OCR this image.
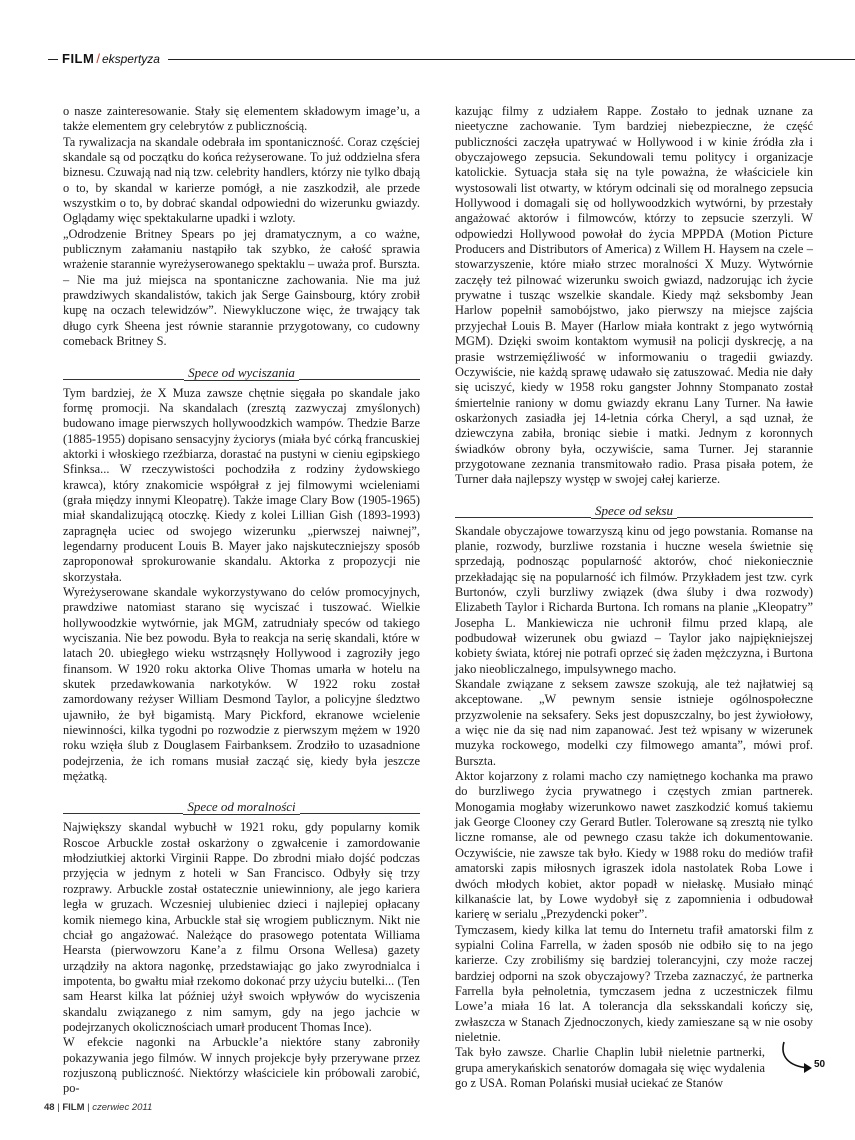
FILM / ekspertyza

o nasze zainteresowanie. Stały się elementem składowym image’u, a także elementem gry celebrytów z publicznością.

Ta rywalizacja na skandale odebrała im spontaniczność. Coraz częściej skandale są od początku do końca reżyserowane. To już oddzielna sfera biznesu. Czuwają nad nią tzw. celebrity handlers, którzy nie tylko dbają o to, by skandal w karierze pomógł, a nie zaszkodził, ale przede wszystkim o to, by dobrać skandal odpowiedni do wizerunku gwiazdy. Oglądamy więc spektakularne upadki i wzloty.

„Odrodzenie Britney Spears po jej dramatycznym, a co ważne, publicznym załamaniu nastąpiło tak szybko, że całość sprawia wrażenie starannie wyreżyserowanego spektaklu – uważa prof. Bursztа. – Nie ma już miejsca na spontaniczne zachowania. Nie ma już prawdziwych skandalistów, takich jak Serge Gainsbourg, który zrobił kupę na oczach telewidzów”. Niewykluczone więc, że trwający tak długo cyrk Sheena jest równie starannie przygotowany, co cudowny comeback Britney S.

Spece od wyciszania

Tym bardziej, że X Muza zawsze chętnie sięgała po skandale jako formę promocji. Na skandalach (zresztą zazwyczaj zmyślonych) budowano image pierwszych hollywoodzkich wampów. Thedzie Barze (1885-1955) dopisano sensacyjny życiorys (miała być córką francuskiej aktorki i włoskiego rzeźbiarza, dorastać na pustyni w cieniu egipskiego Sfinksa... W rzeczywistości pochodziła z rodziny żydowskiego krawca), który znakomicie współgrał z jej filmowymi wcieleniami (grała między innymi Kleopatrę). Także image Clary Bow (1905-1965) miał skandalizującą otoczkę. Kiedy z kolei Lillian Gish (1893-1993) zapragnęła uciec od swojego wizerunku „pierwszej naiwnej”, legendarny producent Louis B. Mayer jako najskuteczniejszy sposób zaproponował sprokurowanie skandalu. Aktorka z propozycji nie skorzystała.

Wyreżyserowane skandale wykorzystywano do celów promocyjnych, prawdziwe natomiast starano się wyciszać i tuszować. Wielkie hollywoodzkie wytwórnie, jak MGM, zatrudniały speców od takiego wyciszania. Nie bez powodu. Była to reakcja na serię skandali, które w latach 20. ubiegłego wieku wstrząsnęły Hollywood i zagroziły jego finansom. W 1920 roku aktorka Olive Thomas umarła w hotelu na skutek przedawkowania narkotyków. W 1922 roku został zamordowany reżyser William Desmond Taylor, a policyjne śledztwo ujawniło, że był bigamistą. Mary Pickford, ekranowe wcielenie niewinności, kilka tygodni po rozwodzie z pierwszym mężem w 1920 roku wzięła ślub z Douglasem Fairbanksem. Zrodziło to uzasadnione podejrzenia, że ich romans musiał zacząć się, kiedy była jeszcze mężatką.

Spece od moralności

Największy skandal wybuchł w 1921 roku, gdy popularny komik Roscoe Arbuckle został oskarżony o zgwałcenie i zamordowanie młodziutkiej aktorki Virginii Rappe. Do zbrodni miało dojść podczas przyjęcia w jednym z hoteli w San Francisco. Odbyły się trzy rozprawy. Arbuckle został ostatecznie uniewinniony, ale jego kariera legła w gruzach. Wczesniej ulubieniec dzieci i najlepiej opłacany komik niemego kina, Arbuckle stał się wrogiem publicznym. Nikt nie chciał go angażować. Należące do prasowego potentata Williama Hearsta (pierwowzoru Kane’a z filmu Orsona Wellesa) gazety urządziły na aktora nagonkę, przedstawiając go jako zwyrodnialca i impotenta, bo gwałtu miał rzekomo dokonać przy użyciu butelki... (Ten sam Hearst kilka lat później użył swoich wpływów do wyciszenia skandalu związanego z nim samym, gdy na jego jachcie w podejrzanych okolicznościach umarł producent Thomas Ince).

W efekcie nagonki na Arbuckle’a niektóre stany zabroniły pokazywania jego filmów. W innych projekcje były przerywane przez rozjuszoną publiczność. Niektórzy właściciele kin próbowali zarobić, po-

kazując filmy z udziałem Rappe. Zostało to jednak uznane za nieetyczne zachowanie. Tym bardziej niebezpieczne, że część publiczności zaczęła upatrywać w Hollywood i w kinie źródła zła i obyczajowego zepsucia. Sekundowali temu politycy i organizacje katolickie. Sytuacja stała się na tyle poważna, że właściciele kin wystosowali list otwarty, w którym odcinali się od moralnego zepsucia Hollywood i domagali się od hollywoodzkich wytwórni, by przestały angażować aktorów i filmowców, którzy to zepsucie szerzyli. W odpowiedzi Hollywood powołał do życia MPPDA (Motion Picture Producers and Distributors of America) z Willem H. Haysem na czele – stowarzyszenie, które miało strzec moralności X Muzy. Wytwórnie zaczęły też pilnować wizerunku swoich gwiazd, nadzorując ich życie prywatne i tusząc wszelkie skandale. Kiedy mąż seksbomby Jean Harlow popełnił samobójstwo, jako pierwszy na miejsce zajścia przyjechał Louis B. Mayer (Harlow miała kontrakt z jego wytwórnią MGM). Dzięki swoim kontaktom wymusił na policji dyskrecję, a na prasie wstrzemięźliwość w informowaniu o tragedii gwiazdy. Oczywiście, nie każdą sprawę udawało się zatuszować. Media nie dały się uciszyć, kiedy w 1958 roku gangster Johnny Stompanato został śmiertelnie raniony w domu gwiazdy ekranu Lany Turner. Na ławie oskarżonych zasiadła jej 14-letnia córka Cheryl, a sąd uznał, że dziewczyna zabiła, broniąc siebie i matki. Jednym z koronnych świadków obrony była, oczywiście, sama Turner. Jej starannie przygotowane zeznania transmitowało radio. Prasa pisała potem, że Turner dała najlepszy występ w swojej całej karierze.

Spece od seksu

Skandale obyczajowe towarzyszą kinu od jego powstania. Romanse na planie, rozwody, burzliwe rozstania i huczne wesela świetnie się sprzedają, podnosząc popularność aktorów, choć niekoniecznie przekładając się na popularność ich filmów. Przykładem jest tzw. cyrk Burtonów, czyli burzliwy związek (dwa śluby i dwa rozwody) Elizabeth Taylor i Richarda Burtona. Ich romans na planie „Kleopatry” Josepha L. Mankiewicza nie uchronił filmu przed klapą, ale podbudował wizerunek obu gwiazd – Taylor jako najpiękniejszej kobiety świata, której nie potrafi oprzeć się żaden mężczyzna, i Burtona jako nieobliczalnego, impulsywnego macho.

Skandale związane z seksem zawsze szokują, ale też najłatwiej są akceptowane. „W pewnym sensie istnieje ogólnospołeczne przyzwolenie na seksafery. Seks jest dopuszczalny, bo jest żywiołowy, a więc nie da się nad nim zapanować. Jest też wpisany w wizerunek muzyka rockowego, modelki czy filmowego amanta”, mówi prof. Bursztа.

Aktor kojarzony z rolami macho czy namiętnego kochanka ma prawo do burzliwego życia prywatnego i częstych zmian partnerek. Monogamia mogłaby wizerunkowo nawet zaszkodzić komuś takiemu jak George Clooney czy Gerard Butler. Tolerowane są zresztą nie tylko liczne romanse, ale od pewnego czasu także ich dokumentowanie. Oczywiście, nie zawsze tak było. Kiedy w 1988 roku do mediów trafił amatorski zapis miłosnych igraszek idola nastolatek Roba Lowe i dwóch młodych kobiet, aktor popadł w niełaskę. Musiało minąć kilkanaście lat, by Lowe wydobył się z zapomnienia i odbudował karierę w serialu „Prezydencki poker”.

Tymczasem, kiedy kilka lat temu do Internetu trafił amatorski film z sypialni Colina Farrella, w żaden sposób nie odbiło się to na jego karierze. Czy zrobiliśmy się bardziej tolerancyjni, czy może raczej bardziej odporni na szok obyczajowy? Trzeba zaznaczyć, że partnerka Farrella była pełnoletnia, tymczasem jedna z uczestniczek filmu Lowe’a miała 16 lat. A tolerancja dla seksskandali kończy się, zwłaszcza w Stanach Zjednoczonych, kiedy zamieszane są w nie osoby nieletnie.

Tak było zawsze. Charlie Chaplin lubił nieletnie partnerki, grupa amerykańskich senatorów domagała się więc wydalenia go z USA. Roman Polański musiał uciekać ze Stanów

50
48 | FILM | czerwiec 2011
